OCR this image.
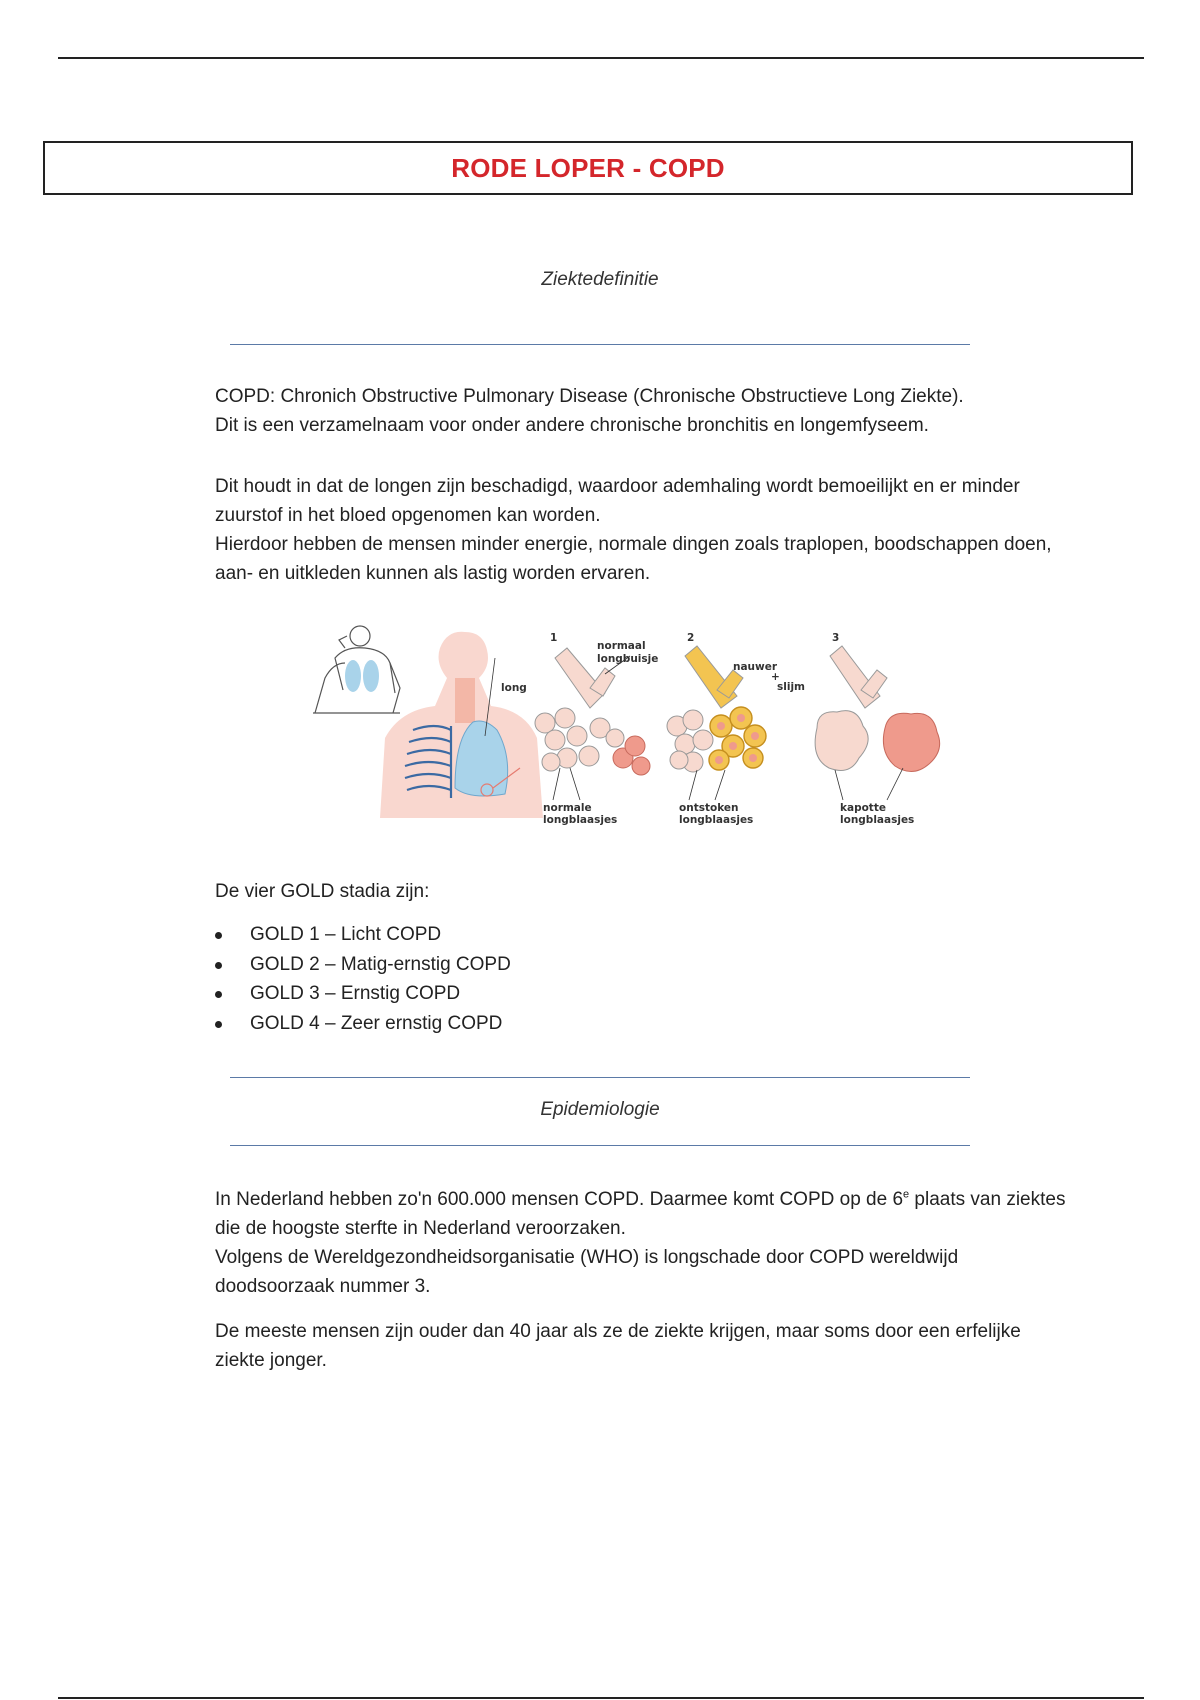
RODE LOPER - COPD
Ziektedefinitie

COPD: Chronich Obstructive Pulmonary Disease (Chronische Obstructieve Long Ziekte).

Dit is een verzamelnaam voor onder andere chronische bronchitis en longemfyseem.

Dit houdt in dat de longen zijn beschadigd, waardoor ademhaling wordt bemoeilijkt en er minder zuurstof in het bloed opgenomen kan worden.

Hierdoor hebben de mensen minder energie, normale dingen zoals traplopen, boodschappen doen, aan- en uitkleden kunnen als lastig worden ervaren.

long
1
normaal
longbuisje
normale
longblaasjes
2
nauwer
+
slijm
ontstoken
longblaasjes
3
kapotte
longblaasjes
De vier GOLD stadia zijn:
GOLD 1 – Licht COPD
GOLD 2 – Matig-ernstig COPD
GOLD 3 – Ernstig COPD
GOLD 4 – Zeer ernstig COPD
Epidemiologie

In Nederland hebben zo'n 600.000 mensen COPD. Daarmee komt COPD op de 6e plaats van ziektes die de hoogste sterfte in Nederland veroorzaken.

Volgens de Wereldgezondheidsorganisatie (WHO) is longschade door COPD wereldwijd doodsoorzaak nummer 3.

De meeste mensen zijn ouder dan 40 jaar als ze de ziekte krijgen, maar soms door een erfelijke ziekte jonger.
